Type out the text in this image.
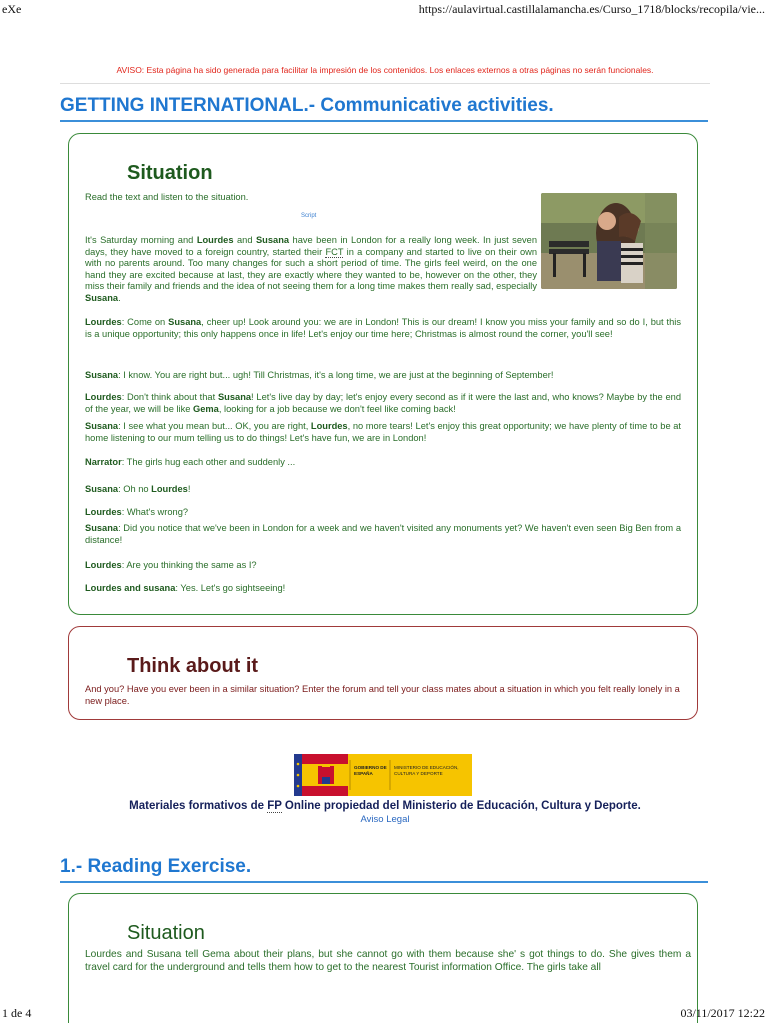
eXe	https://aulavirtual.castillalamancha.es/Curso_1718/blocks/recopila/vie...
AVISO: Esta página ha sido generada para facilitar la impresión de los contenidos. Los enlaces externos a otras páginas no serán funcionales.
GETTING INTERNATIONAL.- Communicative activities.
Situation
Read the text and listen to the situation.
Script
It's Saturday morning and Lourdes and Susana have been in London for a really long week. In just seven days, they have moved to a foreign country, started their FCT in a company and started to live on their own with no parents around. Too many changes for such a short period of time. The girls feel weird, on the one hand they are excited because at last, they are exactly where they wanted to be, however on the other, they miss their family and friends and the idea of not seeing them for a long time makes them really sad, especially Susana.
Lourdes: Come on Susana, cheer up! Look around you: we are in London! This is our dream! I know you miss your family and so do I, but this is a unique opportunity; this only happens once in life! Let's enjoy our time here; Christmas is almost round the corner, you'll see!
Susana: I know. You are right but... ugh! Till Christmas, it's a long time, we are just at the beginning of September!
Lourdes: Don't think about that Susana! Let's live day by day; let's enjoy every second as if it were the last and, who knows? Maybe by the end of the year, we will be like Gema, looking for a job because we don't feel like coming back!
Susana: I see what you mean but... OK, you are right, Lourdes, no more tears! Let's enjoy this great opportunity; we have plenty of time to be at home listening to our mum telling us to do things! Let's have fun, we are in London!
Narrator: The girls hug each other and suddenly ...
Susana: Oh no Lourdes!
Lourdes: What's wrong?
Susana: Did you notice that we've been in London for a week and we haven't visited any monuments yet? We haven't even seen Big Ben from a distance!
Lourdes: Are you thinking the same as I?
Lourdes and susana: Yes. Let's go sightseeing!
Think about it
And you? Have you ever been in a similar situation? Enter the forum and tell your class mates about a situation in which you felt really lonely in a new place.
GOBIERNO DE ESPAÑA
MINISTERIO DE EDUCACIÓN, CULTURA Y DEPORTE
Materiales formativos de FP Online propiedad del Ministerio de Educación, Cultura y Deporte.
Aviso Legal
1.- Reading Exercise.
Situation
Lourdes and Susana tell Gema about their plans, but she cannot go with them because she' s got things to do. She gives them a travel card for the underground and tells them how to get to the nearest Tourist information Office. The girls take all
1 de 4	03/11/2017 12:22
